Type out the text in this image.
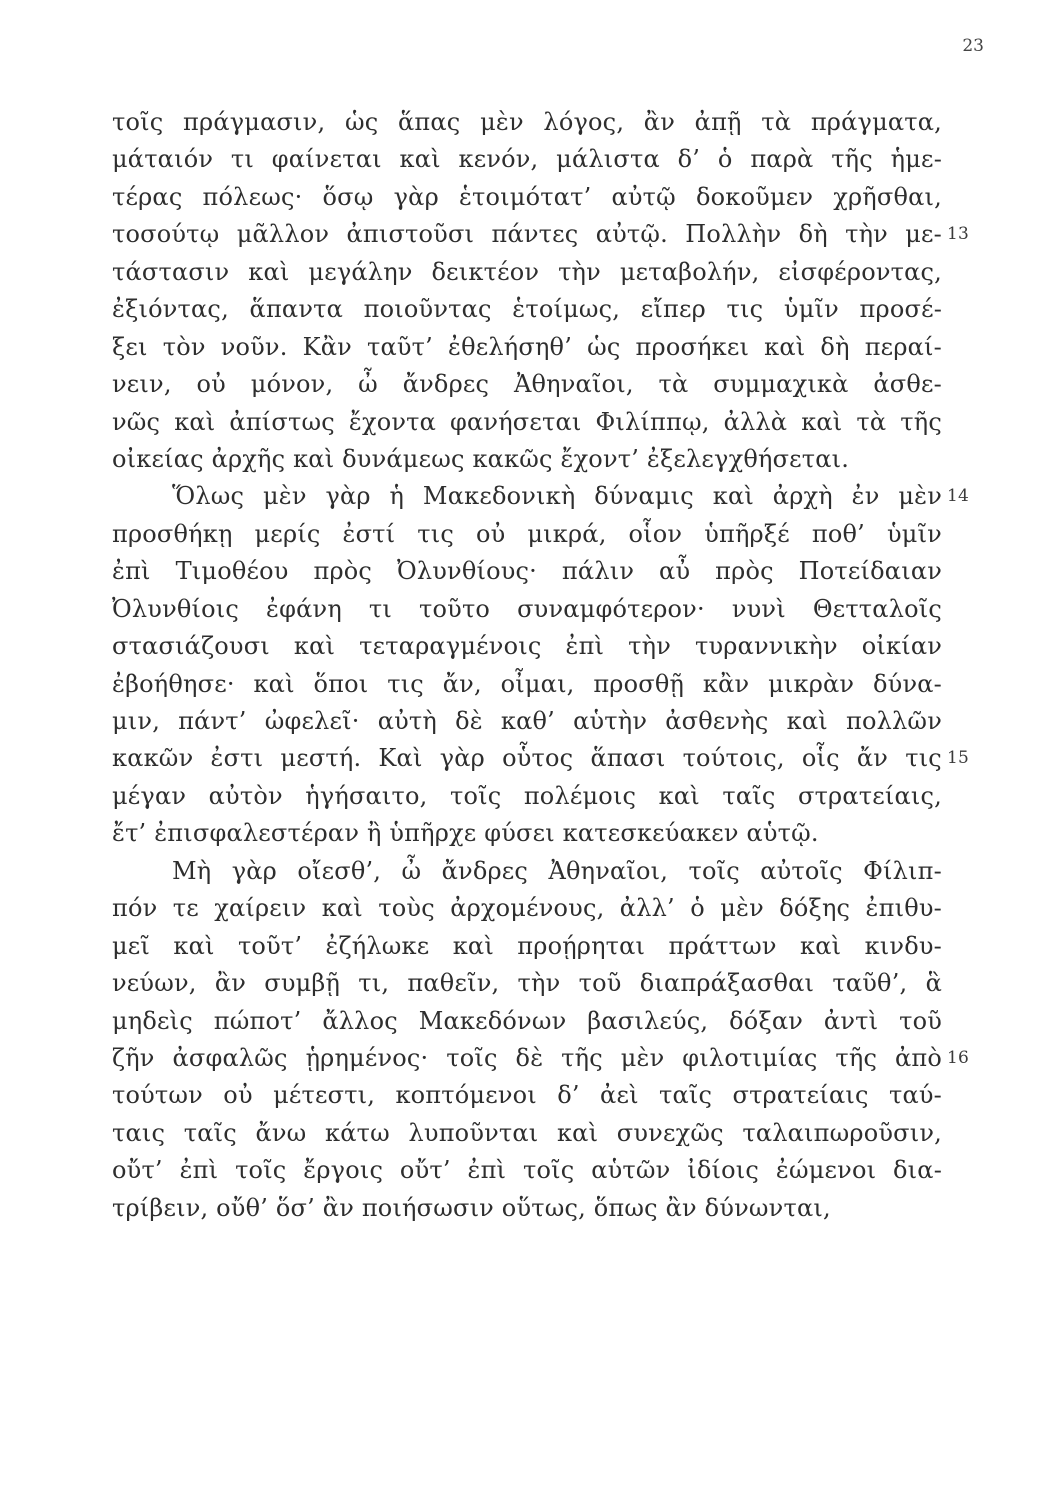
23
τοῖς πράγμασιν, ὡς ἅπας μὲν λόγος, ἂν ἀπῇ τὰ πράγματα,
μάταιόν τι φαίνεται καὶ κενόν, μάλιστα δ’ ὁ παρὰ τῆς ἡμε-
τέρας πόλεως· ὅσῳ γὰρ ἑτοιμότατ’ αὐτῷ δοκοῦμεν χρῆσθαι,
τοσούτῳ μᾶλλον ἀπιστοῦσι πάντες αὐτῷ. Πολλὴν δὴ τὴν με- 13
τάστασιν καὶ μεγάλην δεικτέον τὴν μεταβολήν, εἰσφέροντας,
ἐξιόντας, ἅπαντα ποιοῦντας ἑτοίμως, εἴπερ τις ὑμῖν προσέ-
ξει τὸν νοῦν. Κἂν ταῦτ’ ἐθελήσηθ’ ὡς προσήκει καὶ δὴ περαί-
νειν, οὐ μόνον, ὦ ἄνδρες Ἀθηναῖοι, τὰ συμμαχικὰ ἀσθε-
νῶς καὶ ἀπίστως ἔχοντα φανήσεται Φιλίππῳ, ἀλλὰ καὶ τὰ τῆς
οἰκείας ἀρχῆς καὶ δυνάμεως κακῶς ἔχοντ’ ἐξελεγχθήσεται.
Ὅλως μὲν γὰρ ἡ Μακεδονικὴ δύναμις καὶ ἀρχὴ ἐν μὲν 14
προσθήκῃ μερίς ἐστί τις οὐ μικρά, οἷον ὑπῆρξέ ποθ’ ὑμῖν
ἐπὶ Τιμοθέου πρὸς Ὀλυνθίους· πάλιν αὖ πρὸς Ποτείδαιαν
Ὀλυνθίοις ἐφάνη τι τοῦτο συναμφότερον· νυνὶ Θετταλοῖς
στασιάζουσι καὶ τεταραγμένοις ἐπὶ τὴν τυραννικὴν οἰκίαν
ἐβοήθησε· καὶ ὅποι τις ἄν, οἶμαι, προσθῇ κἂν μικρὰν δύνα-
μιν, πάντ’ ὠφελεῖ· αὐτὴ δὲ καθ’ αὑτὴν ἀσθενὴς καὶ πολλῶν
κακῶν ἐστι μεστή. Καὶ γὰρ οὗτος ἅπασι τούτοις, οἷς ἄν τις 15
μέγαν αὐτὸν ἡγήσαιτο, τοῖς πολέμοις καὶ ταῖς στρατείαις,
ἔτ’ ἐπισφαλεστέραν ἢ ὑπῆρχε φύσει κατεσκεύακεν αὑτῷ.
Μὴ γὰρ οἴεσθ’, ὦ ἄνδρες Ἀθηναῖοι, τοῖς αὐτοῖς Φίλιπ-
πόν τε χαίρειν καὶ τοὺς ἀρχομένους, ἀλλ’ ὁ μὲν δόξης ἐπιθυ-
μεῖ καὶ τοῦτ’ ἐζήλωκε καὶ προῄρηται πράττων καὶ κινδυ-
νεύων, ἂν συμβῇ τι, παθεῖν, τὴν τοῦ διαπράξασθαι ταῦθ’, ἃ
μηδεὶς πώποτ’ ἄλλος Μακεδόνων βασιλεύς, δόξαν ἀντὶ τοῦ
ζῆν ἀσφαλῶς ᾑρημένος· τοῖς δὲ τῆς μὲν φιλοτιμίας τῆς ἀπὸ 16
τούτων οὐ μέτεστι, κοπτόμενοι δ’ ἀεὶ ταῖς στρατείαις ταύ-
ταις ταῖς ἄνω κάτω λυποῦνται καὶ συνεχῶς ταλαιπωροῦσιν,
οὔτ’ ἐπὶ τοῖς ἔργοις οὔτ’ ἐπὶ τοῖς αὑτῶν ἰδίοις ἐώμενοι δια-
τρίβειν, οὔθ’ ὅσ’ ἂν ποιήσωσιν οὕτως, ὅπως ἂν δύνωνται,
